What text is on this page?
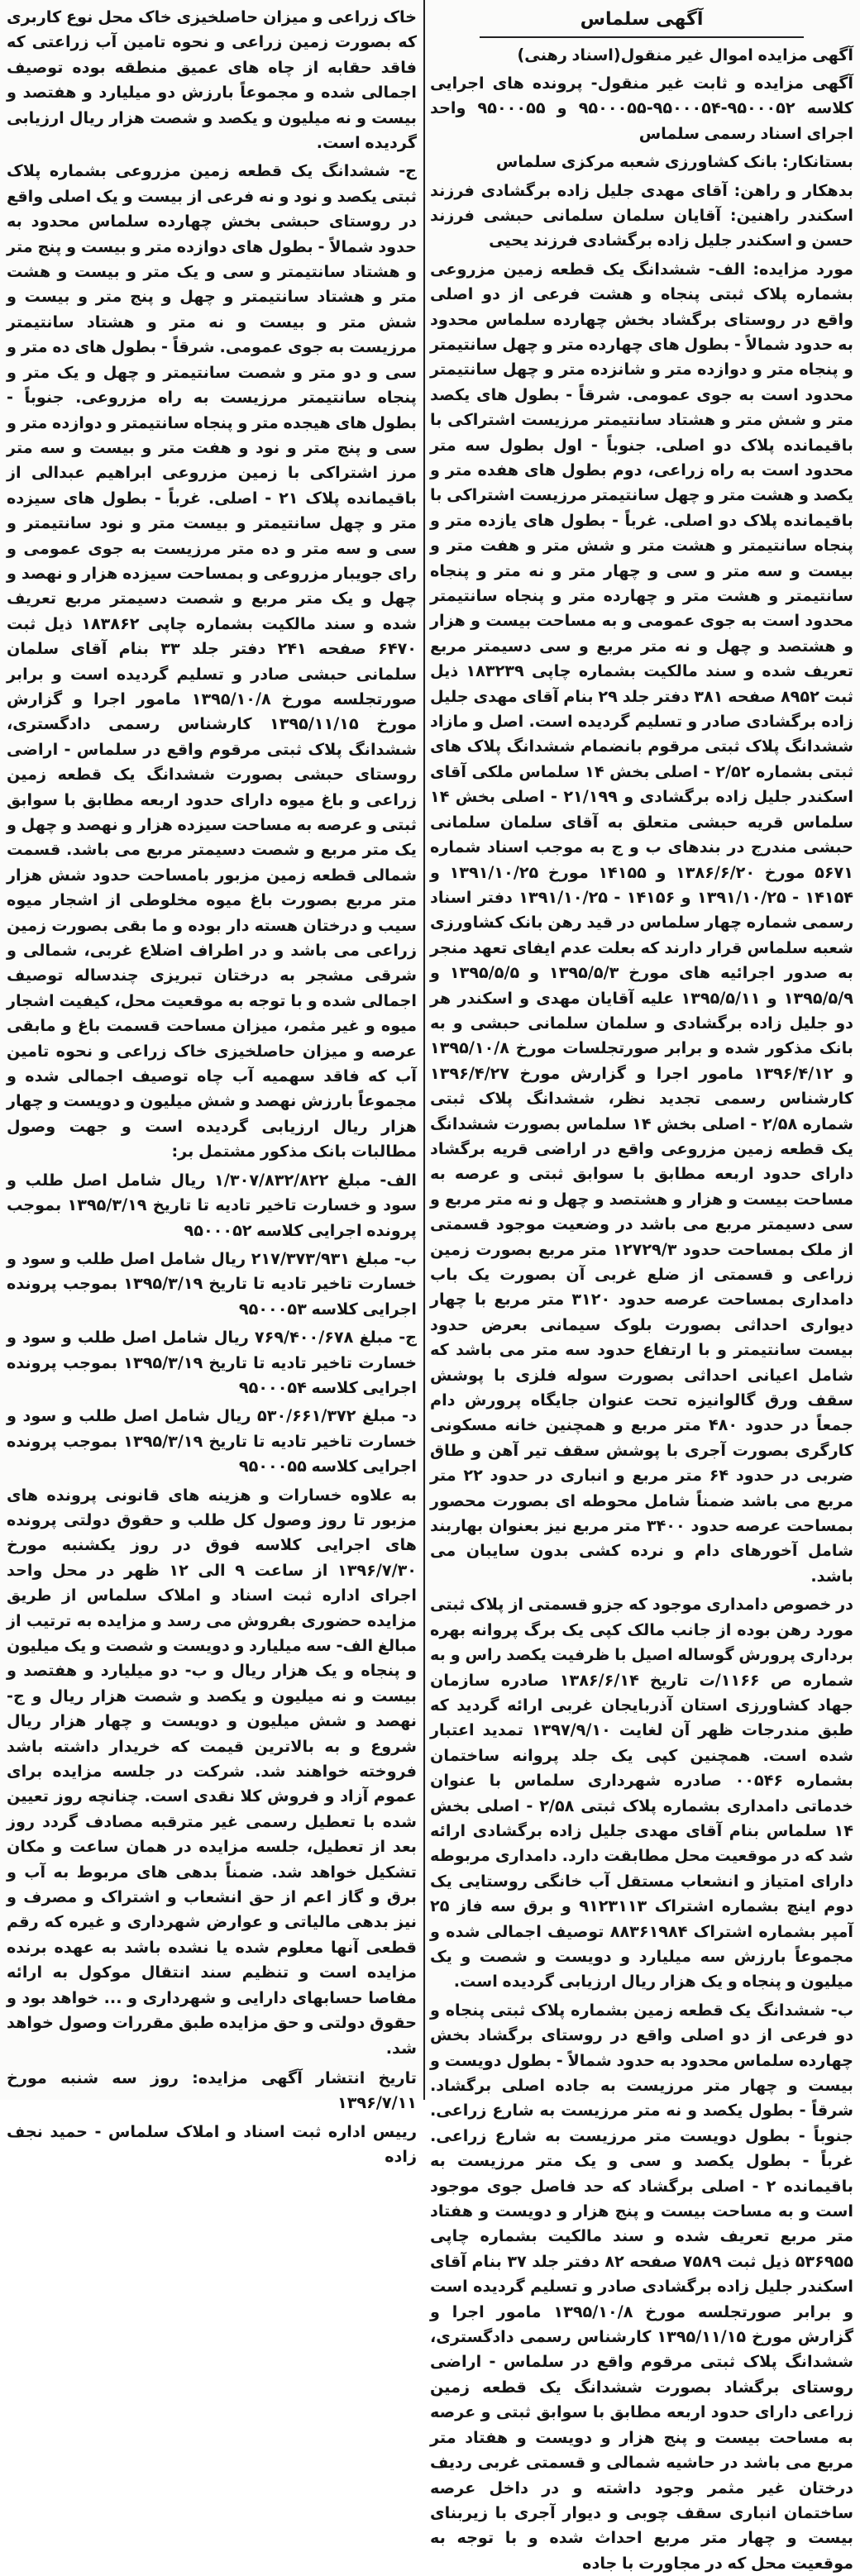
آگهی سلماس

آگهی مزایده اموال غیر منقول(اسناد رهنی)

آگهی مزایده و ثابت غیر منقول- پرونده های اجرایی کلاسه ۹۵۰۰۰۵۲-۹۵۰۰۰۵۴-۹۵۰۰۰۵۵ و ۹۵۰۰۰۵۵ واحد اجرای اسناد رسمی سلماس

بستانکار: بانک کشاورزی شعبه مرکزی سلماس

بدهکار و راهن: آقای مهدی جلیل زاده برگشادی فرزند اسکندر راهنین: آقایان سلمان سلمانی حبشی فرزند حسن و اسکندر جلیل زاده برگشادی فرزند یحیی

مورد مزایده: الف- ششدانگ یک قطعه زمین مزروعی بشماره پلاک ثبتی پنجاه و هشت فرعی از دو اصلی واقع در روستای برگشاد بخش چهارده سلماس محدود به حدود شمالاً - بطول های چهارده متر و چهل سانتیمتر و پنجاه متر و دوازده متر و شانزده متر و چهل سانتیمتر محدود است به جوی عمومی. شرقاً - بطول های یکصد متر و شش متر و هشتاد سانتیمتر مرزیست اشتراکی با باقیمانده پلاک دو اصلی. جنوباً - اول بطول سه متر محدود است به راه زراعی، دوم بطول های هفده متر و یکصد و هشت متر و چهل سانتیمتر مرزیست اشتراکی با باقیمانده پلاک دو اصلی. غرباً - بطول های یازده متر و پنجاه سانتیمتر و هشت متر و شش متر و هفت متر و بیست و سه متر و سی و چهار متر و نه متر و پنجاه سانتیمتر و هشت متر و چهارده متر و پنجاه سانتیمتر محدود است به جوی عمومی و به مساحت بیست و هزار و هشتصد و چهل و نه متر مربع و سی دسیمتر مربع تعریف شده و سند مالکیت بشماره چاپی ۱۸۳۲۳۹ ذیل ثبت ۸۹۵۲ صفحه ۳۸۱ دفتر جلد ۲۹ بنام آقای مهدی جلیل زاده برگشادی صادر و تسلیم گردیده است. اصل و مازاد ششدانگ پلاک ثبتی مرقوم بانضمام ششدانگ پلاک های ثبتی بشماره ۲/۵۲ - اصلی بخش ۱۴ سلماس ملکی آقای اسکندر جلیل زاده برگشادی و ۲۱/۱۹۹ - اصلی بخش ۱۴ سلماس قریه حبشی متعلق به آقای سلمان سلمانی حبشی مندرج در بندهای ب و ج به موجب اسناد شماره ۵۶۷۱ مورخ ۱۳۸۶/۶/۲۰ و ۱۴۱۵۵ مورخ ۱۳۹۱/۱۰/۲۵ و ۱۴۱۵۴ - ۱۳۹۱/۱۰/۲۵ و ۱۴۱۵۶ - ۱۳۹۱/۱۰/۲۵ دفتر اسناد رسمی شماره چهار سلماس در قید رهن بانک کشاورزی شعبه سلماس قرار دارند که بعلت عدم ایفای تعهد منجر به صدور اجرائیه های مورخ ۱۳۹۵/۵/۳ و ۱۳۹۵/۵/۵ و ۱۳۹۵/۵/۹ و ۱۳۹۵/۵/۱۱ علیه آقایان مهدی و اسکندر هر دو جلیل زاده برگشادی و سلمان سلمانی حبشی و به بانک مذکور شده و برابر صورتجلسات مورخ ۱۳۹۵/۱۰/۸ و ۱۳۹۶/۴/۱۲ مامور اجرا و گزارش مورخ ۱۳۹۶/۴/۲۷ کارشناس رسمی تجدید نظر، ششدانگ پلاک ثبتی شماره ۲/۵۸ - اصلی بخش ۱۴ سلماس بصورت ششدانگ یک قطعه زمین مزروعی واقع در اراضی قریه برگشاد دارای حدود اربعه مطابق با سوابق ثبتی و عرصه به مساحت بیست و هزار و هشتصد و چهل و نه متر مربع و سی دسیمتر مربع می باشد در وضعیت موجود قسمتی از ملک بمساحت حدود ۱۲۷۲۹/۳ متر مربع بصورت زمین زراعی و قسمتی از ضلع غربی آن بصورت یک باب دامداری بمساحت عرصه حدود ۳۱۲۰ متر مربع با چهار دیواری احداثی بصورت بلوک سیمانی بعرض حدود بیست سانتیمتر و با ارتفاع حدود سه متر می باشد که شامل اعیانی احداثی بصورت سوله فلزی با پوشش سقف ورق گالوانیزه تحت عنوان جایگاه پرورش دام جمعاً در حدود ۴۸۰ متر مربع و همچنین خانه مسکونی کارگری بصورت آجری با پوشش سقف تیر آهن و طاق ضربی در حدود ۶۴ متر مربع و انباری در حدود ۲۲ متر مربع می باشد ضمناً شامل محوطه ای بصورت محصور بمساحت عرصه حدود ۳۴۰۰ متر مربع نیز بعنوان بهاربند شامل آخورهای دام و نرده کشی بدون سایبان می باشد.

در خصوص دامداری موجود که جزو قسمتی از پلاک ثبتی مورد رهن بوده از جانب مالک کپی یک برگ پروانه بهره برداری پرورش گوساله اصیل با ظرفیت یکصد راس و به شماره ص ۱۱۶۶/ت تاریخ ۱۳۸۶/۶/۱۴ صادره سازمان جهاد کشاورزی استان آذربایجان غربی ارائه گردید که طبق مندرجات ظهر آن لغایت ۱۳۹۷/۹/۱۰ تمدید اعتبار شده است. همچنین کپی یک جلد پروانه ساختمان بشماره ۰۰۵۴۶ صادره شهرداری سلماس با عنوان خدماتی دامداری بشماره پلاک ثبتی ۲/۵۸ - اصلی بخش ۱۴ سلماس بنام آقای مهدی جلیل زاده برگشادی ارائه شد که در موقعیت محل مطابقت دارد. دامداری مربوطه دارای امتیاز و انشعاب مستقل آب خانگی روستایی یک دوم اینچ بشماره اشتراک ۹۱۲۳۱۱۳ و برق سه فاز ۲۵ آمپر بشماره اشتراک ۸۸۳۶۱۹۸۴ توصیف اجمالی شده و مجموعاً بارزش سه میلیارد و دویست و شصت و یک میلیون و پنجاه و یک هزار ریال ارزیابی گردیده است.

ب- ششدانگ یک قطعه زمین بشماره پلاک ثبتی پنجاه و دو فرعی از دو اصلی واقع در روستای برگشاد بخش چهارده سلماس محدود به حدود شمالاً - بطول دویست و بیست و چهار متر مرزیست به جاده اصلی برگشاد. شرقاً - بطول یکصد و نه متر مرزیست به شارع زراعی. جنوباً - بطول دویست متر مرزیست به شارع زراعی. غرباً - بطول یکصد و سی و یک متر مرزیست به باقیمانده ۲ - اصلی برگشاد که حد فاصل جوی موجود است و به مساحت بیست و پنج هزار و دویست و هفتاد متر مربع تعریف شده و سند مالکیت بشماره چاپی ۵۳۶۹۵۵ ذیل ثبت ۷۵۸۹ صفحه ۸۲ دفتر جلد ۳۷ بنام آقای اسکندر جلیل زاده برگشادی صادر و تسلیم گردیده است و برابر صورتجلسه مورخ ۱۳۹۵/۱۰/۸ مامور اجرا و گزارش مورخ ۱۳۹۵/۱۱/۱۵ کارشناس رسمی دادگستری، ششدانگ پلاک ثبتی مرقوم واقع در سلماس - اراضی روستای برگشاد بصورت ششدانگ یک قطعه زمین زراعی دارای حدود اربعه مطابق با سوابق ثبتی و عرصه به مساحت بیست و پنج هزار و دویست و هفتاد متر مربع می باشد در حاشیه شمالی و قسمتی غربی ردیف درختان غیر مثمر وجود داشته و در داخل عرصه ساختمان انباری سقف چوبی و دیوار آجری با زیربنای بیست و چهار متر مربع احداث شده و با توجه به موقعیت محل که در مجاورت با جاده

خاک زراعی و میزان حاصلخیزی خاک محل نوع کاربری که بصورت زمین زراعی و نحوه تامین آب زراعتی که فاقد حقابه از چاه های عمیق منطقه بوده توصیف اجمالی شده و مجموعاً بارزش دو میلیارد و هفتصد و بیست و نه میلیون و یکصد و شصت هزار ریال ارزیابی گردیده است.

ج- ششدانگ یک قطعه زمین مزروعی بشماره پلاک ثبتی یکصد و نود و نه فرعی از بیست و یک اصلی واقع در روستای حبشی بخش چهارده سلماس محدود به حدود شمالاً - بطول های دوازده متر و بیست و پنج متر و هشتاد سانتیمتر و سی و یک متر و بیست و هشت متر و هشتاد سانتیمتر و چهل و پنج متر و بیست و شش متر و بیست و نه متر و هشتاد سانتیمتر مرزیست به جوی عمومی. شرقاً - بطول های ده متر و سی و دو متر و شصت سانتیمتر و چهل و یک متر و پنجاه سانتیمتر مرزیست به راه مزروعی. جنوباً - بطول های هیجده متر و پنجاه سانتیمتر و دوازده متر و سی و پنج متر و نود و هفت متر و بیست و سه متر مرز اشتراکی با زمین مزروعی ابراهیم عبدالی از باقیمانده پلاک ۲۱ - اصلی. غرباً - بطول های سیزده متر و چهل سانتیمتر و بیست متر و نود سانتیمتر و سی و سه متر و ده متر مرزیست به جوی عمومی و رای جویبار مزروعی و بمساحت سیزده هزار و نهصد و چهل و یک متر مربع و شصت دسیمتر مربع تعریف شده و سند مالکیت بشماره چاپی ۱۸۳۸۶۲ ذیل ثبت ۶۴۷۰ صفحه ۲۴۱ دفتر جلد ۳۳ بنام آقای سلمان سلمانی حبشی صادر و تسلیم گردیده است و برابر صورتجلسه مورخ ۱۳۹۵/۱۰/۸ مامور اجرا و گزارش مورخ ۱۳۹۵/۱۱/۱۵ کارشناس رسمی دادگستری، ششدانگ پلاک ثبتی مرقوم واقع در سلماس - اراضی روستای حبشی بصورت ششدانگ یک قطعه زمین زراعی و باغ میوه دارای حدود اربعه مطابق با سوابق ثبتی و عرصه به مساحت سیزده هزار و نهصد و چهل و یک متر مربع و شصت دسیمتر مربع می باشد. قسمت شمالی قطعه زمین مزبور بامساحت حدود شش هزار متر مربع بصورت باغ میوه مخلوطی از اشجار میوه سیب و درختان هسته دار بوده و ما بقی بصورت زمین زراعی می باشد و در اطراف اضلاع غربی، شمالی و شرقی مشجر به درختان تبریزی چندساله توصیف اجمالی شده و با توجه به موقعیت محل، کیفیت اشجار میوه و غیر مثمر، میزان مساحت قسمت باغ و مابقی عرصه و میزان حاصلخیزی خاک زراعی و نحوه تامین آب که فاقد سهمیه آب چاه توصیف اجمالی شده و مجموعاً بارزش نهصد و شش میلیون و دویست و چهار هزار ریال ارزیابی گردیده است و جهت وصول مطالبات بانک مذکور مشتمل بر:

الف- مبلغ ۱/۳۰۷/۸۳۲/۸۲۲ ریال شامل اصل طلب و سود و خسارت تاخیر تادیه تا تاریخ ۱۳۹۵/۳/۱۹ بموجب پرونده اجرایی کلاسه ۹۵۰۰۰۵۲

ب- مبلغ ۲۱۷/۳۷۳/۹۳۱ ریال شامل اصل طلب و سود و خسارت تاخیر تادیه تا تاریخ ۱۳۹۵/۳/۱۹ بموجب پرونده اجرایی کلاسه ۹۵۰۰۰۵۳

ج- مبلغ ۷۶۹/۴۰۰/۶۷۸ ریال شامل اصل طلب و سود و خسارت تاخیر تادیه تا تاریخ ۱۳۹۵/۳/۱۹ بموجب پرونده اجرایی کلاسه ۹۵۰۰۰۵۴

د- مبلغ ۵۳۰/۶۶۱/۳۷۲ ریال شامل اصل طلب و سود و خسارت تاخیر تادیه تا تاریخ ۱۳۹۵/۳/۱۹ بموجب پرونده اجرایی کلاسه ۹۵۰۰۰۵۵

به علاوه خسارات و هزینه های قانونی پرونده های مزبور تا روز وصول کل طلب و حقوق دولتی پرونده های اجرایی کلاسه فوق در روز یکشنبه مورخ ۱۳۹۶/۷/۳۰ از ساعت ۹ الی ۱۲ ظهر در محل واحد اجرای اداره ثبت اسناد و املاک سلماس از طریق مزایده حضوری بفروش می رسد و مزایده به ترتیب از مبالغ الف- سه میلیارد و دویست و شصت و یک میلیون و پنجاه و یک هزار ریال و ب- دو میلیارد و هفتصد و بیست و نه میلیون و یکصد و شصت هزار ریال و ج- نهصد و شش میلیون و دویست و چهار هزار ریال شروع و به بالاترین قیمت که خریدار داشته باشد فروخته خواهند شد. شرکت در جلسه مزایده برای عموم آزاد و فروش کلا نقدی است. چنانچه روز تعیین شده با تعطیل رسمی غیر مترقبه مصادف گردد روز بعد از تعطیل، جلسه مزایده در همان ساعت و مکان تشکیل خواهد شد. ضمناً بدهی های مربوط به آب و برق و گاز اعم از حق انشعاب و اشتراک و مصرف و نیز بدهی مالیاتی و عوارض شهرداری و غیره که رقم قطعی آنها معلوم شده یا نشده باشد به عهده برنده مزایده است و تنظیم سند انتقال موکول به ارائه مفاصا حسابهای دارایی و شهرداری و ... خواهد بود و حقوق دولتی و حق مزایده طبق مقررات وصول خواهد شد.

تاریخ انتشار آگهی مزایده: روز سه شنبه مورخ ۱۳۹۶/۷/۱۱

رییس اداره ثبت اسناد و املاک سلماس - حمید نجف زاده
